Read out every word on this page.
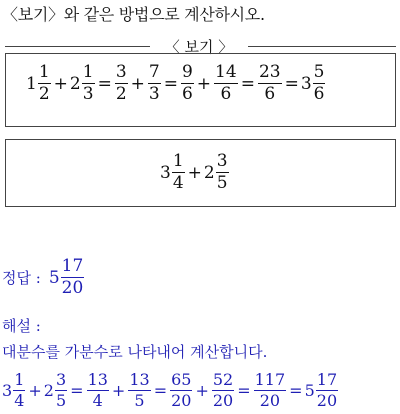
〈보기〉와 같은 방법으로 계산하시오.
〈 보기 〉
$1 \frac{1}{2} + 2 \frac{1}{3} = \frac{3}{2} + \frac{7}{3} = \frac{9}{6} + \frac{14}{6} = \frac{23}{6} = 3 \frac{5}{6}$
$3 \frac{1}{4} + 2 \frac{3}{5}$
정답 : $5 \frac{17}{20}$
해설 :
대분수를 가분수로 나타내어 계산합니다.
$3 \frac{1}{4} + 2 \frac{3}{5} = \frac{13}{4} + \frac{13}{5} = \frac{65}{20} + \frac{52}{20} = \frac{117}{20} = 5 \frac{17}{20}$
